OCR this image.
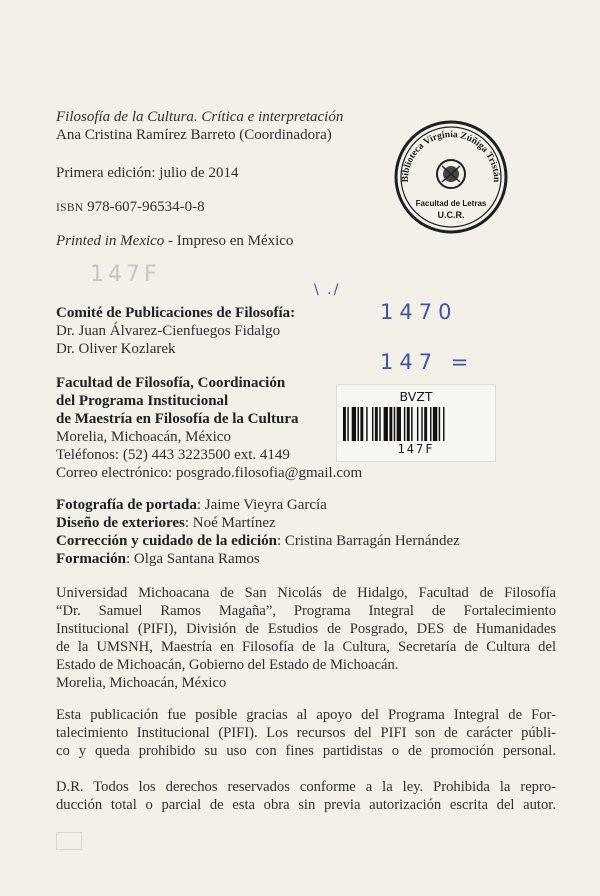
Filosofía de la Cultura. Crítica e interpretación
Ana Cristina Ramírez Barreto (Coordinadora)
Primera edición: julio de 2014
ISBN 978-607-96534-0-8
Printed in Mexico - Impreso en México
Biblioteca Virginia Zúñiga Tristán
Facultad de Letras
U.C.R.
147F
\ ./
Comité de Publicaciones de Filosofía:
Dr. Juan Álvarez-Cienfuegos Fidalgo
Dr. Oliver Kozlarek
1470
147 =
Facultad de Filosofía, Coordinación
del Programa Institucional
de Maestría en Filosofía de la Cultura
Morelia, Michoacán, México
Teléfonos: (52) 443 3223500 ext. 4149
Correo electrónico: posgrado.filosofia@gmail.com
BVZT
147F
Fotografía de portada: Jaime Vieyra García
Diseño de exteriores: Noé Martínez
Corrección y cuidado de la edición: Cristina Barragán Hernández
Formación: Olga Santana Ramos
Universidad Michoacana de San Nicolás de Hidalgo, Facultad de Filosofía
“Dr. Samuel Ramos Magaña”, Programa Integral de Fortalecimiento
Institucional (PIFI), División de Estudios de Posgrado, DES de Humanidades
de la UMSNH, Maestría en Filosofía de la Cultura, Secretaría de Cultura del
Estado de Michoacán, Gobierno del Estado de Michoacán.
Morelia, Michoacán, México
Esta publicación fue posible gracias al apoyo del Programa Integral de For-
talecimiento Institucional (PIFI). Los recursos del PIFI son de carácter públi-
co y queda prohibido su uso con fines partidistas o de promoción personal.
D.R. Todos los derechos reservados conforme a la ley. Prohibida la repro-
ducción total o parcial de esta obra sin previa autorización escrita del autor.
